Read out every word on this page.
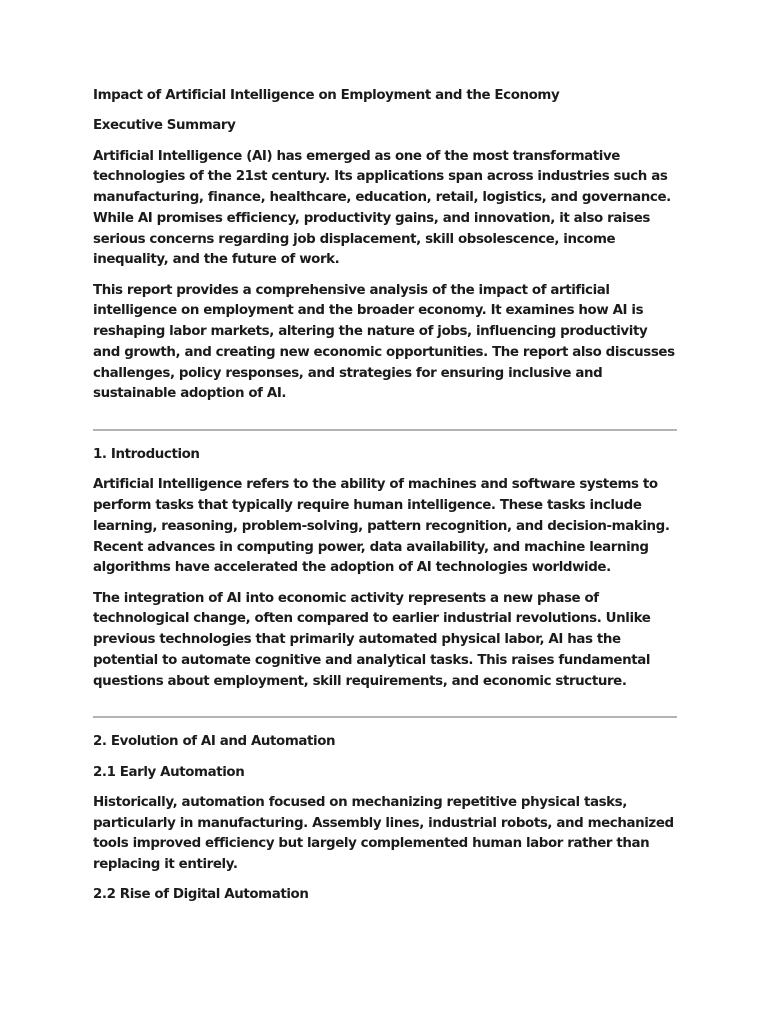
Impact of Artificial Intelligence on Employment and the Economy

Executive Summary

Artificial Intelligence (AI) has emerged as one of the most transformative technologies of the 21st century. Its applications span across industries such as manufacturing, finance, healthcare, education, retail, logistics, and governance. While AI promises efficiency, productivity gains, and innovation, it also raises serious concerns regarding job displacement, skill obsolescence, income inequality, and the future of work.

This report provides a comprehensive analysis of the impact of artificial intelligence on employment and the broader economy. It examines how AI is reshaping labor markets, altering the nature of jobs, influencing productivity and growth, and creating new economic opportunities. The report also discusses challenges, policy responses, and strategies for ensuring inclusive and sustainable adoption of AI.

1. Introduction

Artificial Intelligence refers to the ability of machines and software systems to perform tasks that typically require human intelligence. These tasks include learning, reasoning, problem-solving, pattern recognition, and decision-making. Recent advances in computing power, data availability, and machine learning algorithms have accelerated the adoption of AI technologies worldwide.

The integration of AI into economic activity represents a new phase of technological change, often compared to earlier industrial revolutions. Unlike previous technologies that primarily automated physical labor, AI has the potential to automate cognitive and analytical tasks. This raises fundamental questions about employment, skill requirements, and economic structure.

2. Evolution of AI and Automation

2.1 Early Automation

Historically, automation focused on mechanizing repetitive physical tasks, particularly in manufacturing. Assembly lines, industrial robots, and mechanized tools improved efficiency but largely complemented human labor rather than replacing it entirely.

2.2 Rise of Digital Automation
